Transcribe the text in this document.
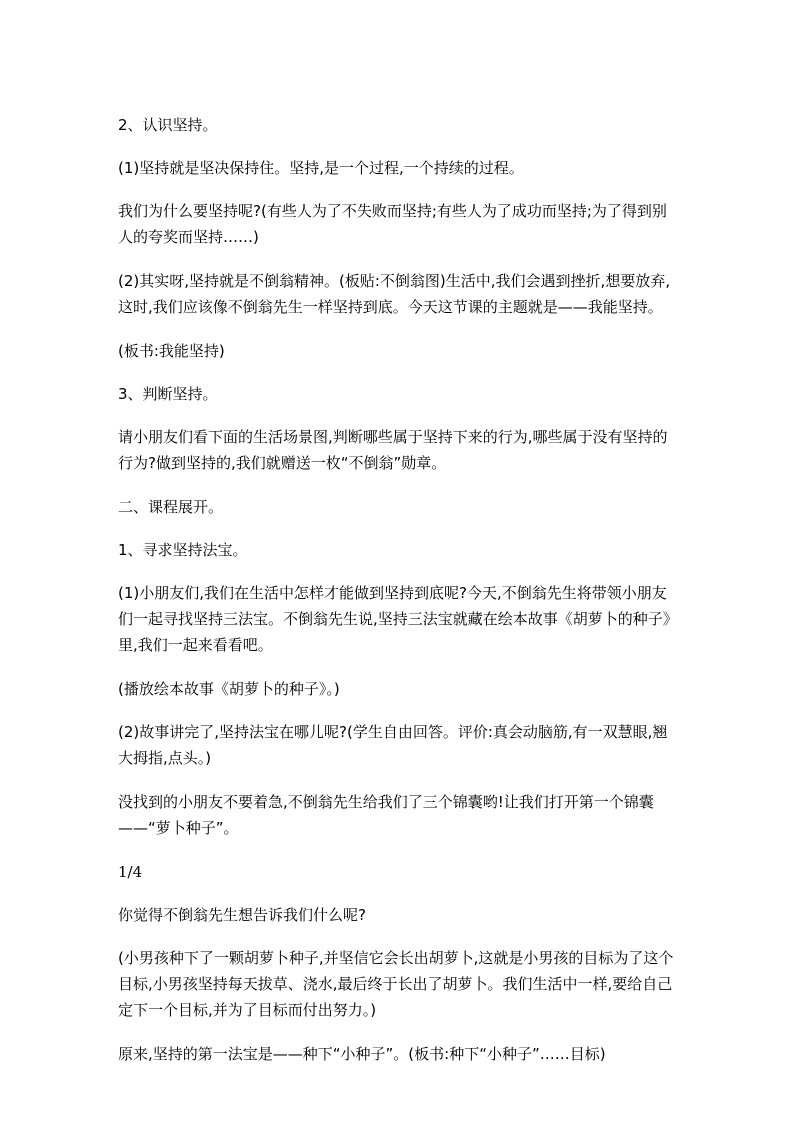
2、认识坚持。

(1)坚持就是坚决保持住。坚持,是一个过程,一个持续的过程。

我们为什么要坚持呢?(有些人为了不失败而坚持;有些人为了成功而坚持;为了得到别人的夸奖而坚持……)

(2)其实呀,坚持就是不倒翁精神。(板贴:不倒翁图)生活中,我们会遇到挫折,想要放弃,这时,我们应该像不倒翁先生一样坚持到底。今天这节课的主题就是——我能坚持。

(板书:我能坚持)

3、判断坚持。

请小朋友们看下面的生活场景图,判断哪些属于坚持下来的行为,哪些属于没有坚持的行为?做到坚持的,我们就赠送一枚“不倒翁”勋章。

二、课程展开。

1、寻求坚持法宝。

(1)小朋友们,我们在生活中怎样才能做到坚持到底呢?今天,不倒翁先生将带领小朋友们一起寻找坚持三法宝。不倒翁先生说,坚持三法宝就藏在绘本故事《胡萝卜的种子》里,我们一起来看看吧。

(播放绘本故事《胡萝卜的种子》。)

(2)故事讲完了,坚持法宝在哪儿呢?(学生自由回答。评价:真会动脑筋,有一双慧眼,翘大拇指,点头。)

没找到的小朋友不要着急,不倒翁先生给我们了三个锦囊哟!让我们打开第一个锦囊——“萝卜种子”。

1/4

你觉得不倒翁先生想告诉我们什么呢?

(小男孩种下了一颗胡萝卜种子,并坚信它会长出胡萝卜,这就是小男孩的目标为了这个目标,小男孩坚持每天拔草、浇水,最后终于长出了胡萝卜。我们生活中一样,要给自己定下一个目标,并为了目标而付出努力。)

原来,坚持的第一法宝是——种下“小种子”。(板书:种下“小种子”……目标)
